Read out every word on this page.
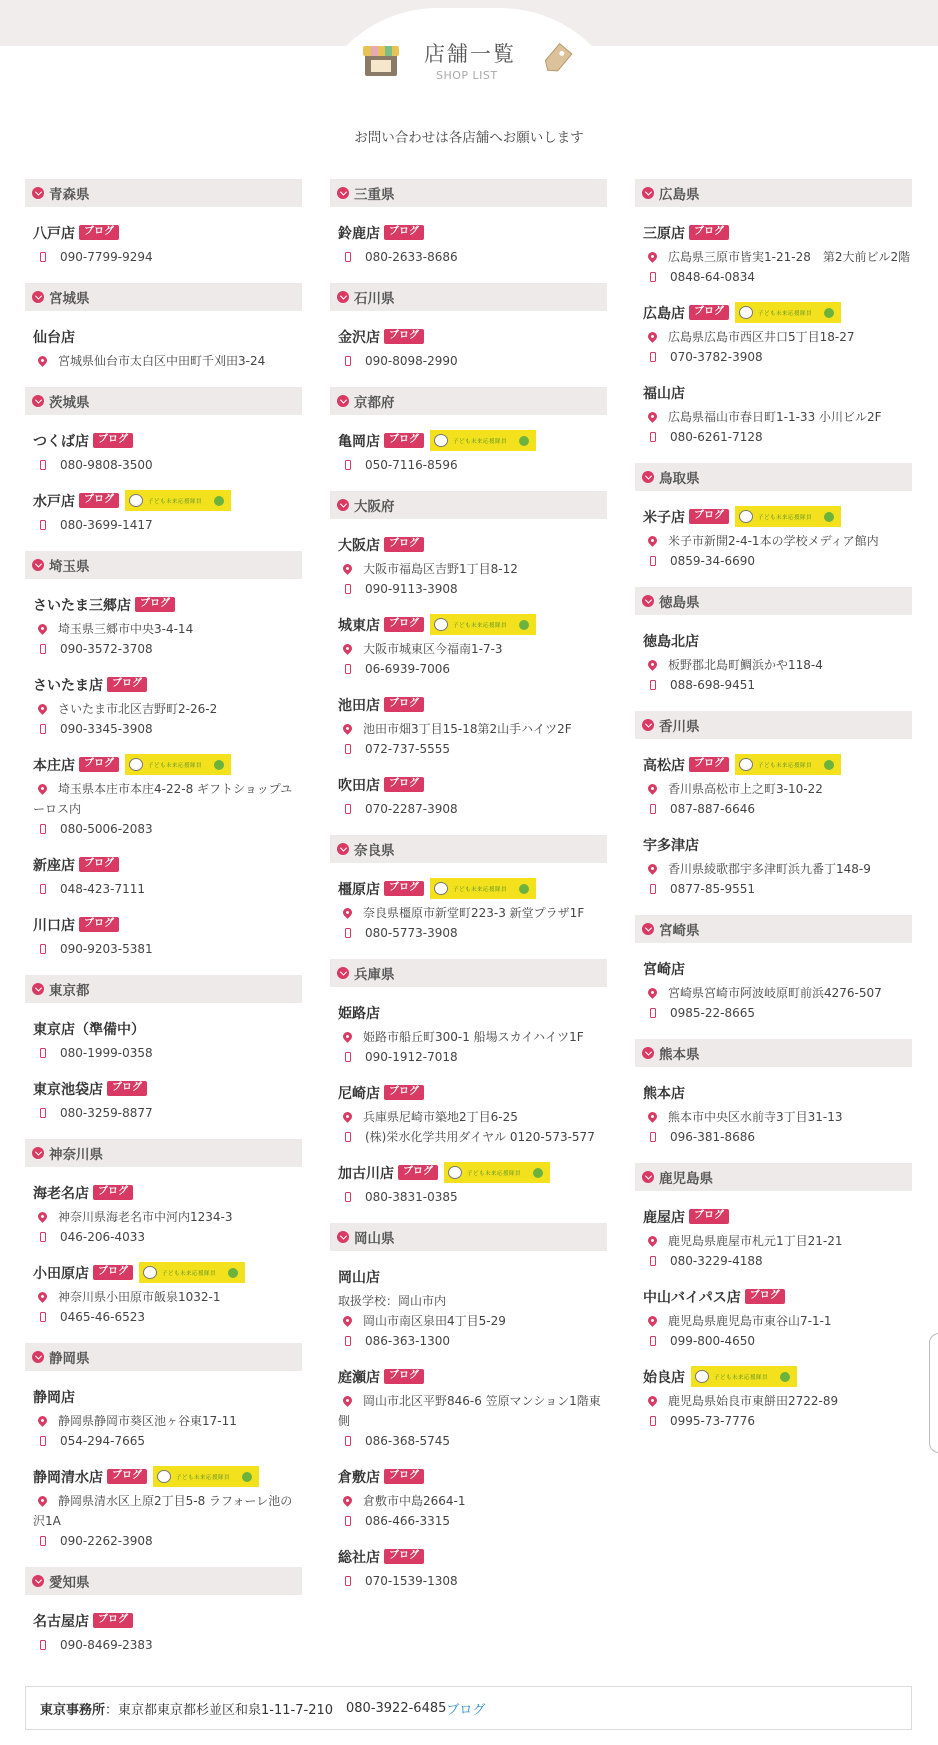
店舗一覧
SHOP LIST
お問い合わせは各店舗へお願いします
青森県
八戸店 ブログ
090-7799-9294
宮城県
仙台店
宮城県仙台市太白区中田町千刈田3-24
茨城県
つくば店 ブログ
080-9808-3500
水戸店 ブログ	子ども未来応援隊員
080-3699-1417
埼玉県
さいたま三郷店 ブログ
埼玉県三郷市中央3-4-14
090-3572-3708
さいたま店 ブログ
さいたま市北区吉野町2-26-2
090-3345-3908
本庄店 ブログ	子ども未来応援隊員
埼玉県本庄市本庄4-22-8 ギフトショップユーロス内
080-5006-2083
新座店 ブログ
048-423-7111
川口店 ブログ
090-9203-5381
東京都
東京店（準備中）
080-1999-0358
東京池袋店 ブログ
080-3259-8877
神奈川県
海老名店 ブログ
神奈川県海老名市中河内1234-3
046-206-4033
小田原店 ブログ	子ども未来応援隊員
神奈川県小田原市飯泉1032-1
0465-46-6523
静岡県
静岡店
静岡県静岡市葵区池ヶ谷東17-11
054-294-7665
静岡清水店 ブログ	子ども未来応援隊員
静岡県清水区上原2丁目5-8 ラフォーレ池の沢1A
090-2262-3908
愛知県
名古屋店 ブログ
090-8469-2383
三重県
鈴鹿店 ブログ
080-2633-8686
石川県
金沢店 ブログ
090-8098-2990
京都府
亀岡店 ブログ	子ども未来応援隊員
050-7116-8596
大阪府
大阪店 ブログ
大阪市福島区吉野1丁目8-12
090-9113-3908
城東店 ブログ	子ども未来応援隊員
大阪市城東区今福南1-7-3
06-6939-7006
池田店 ブログ
池田市畑3丁目15-18第2山手ハイツ2F
072-737-5555
吹田店 ブログ
070-2287-3908
奈良県
橿原店 ブログ	子ども未来応援隊員
奈良県橿原市新堂町223-3 新堂プラザ1F
080-5773-3908
兵庫県
姫路店
姫路市船丘町300-1 船場スカイハイツ1F
090-1912-7018
尼崎店 ブログ
兵庫県尼崎市築地2丁目6-25
(株)栄水化学共用ダイヤル 0120-573-577
加古川店 ブログ	子ども未来応援隊員
080-3831-0385
岡山県
岡山店
取扱学校：岡山市内
岡山市南区泉田4丁目5-29
086-363-1300
庭瀬店 ブログ
岡山市北区平野846-6 笠原マンション1階東側
086-368-5745
倉敷店 ブログ
倉敷市中島2664-1
086-466-3315
総社店 ブログ
070-1539-1308
広島県
三原店 ブログ
広島県三原市皆実1-21-28　第2大前ビル2階
0848-64-0834
広島店 ブログ	子ども未来応援隊員
広島県広島市西区井口5丁目18-27
070-3782-3908
福山店
広島県福山市春日町1-1-33 小川ビル2F
080-6261-7128
鳥取県
米子店 ブログ	子ども未来応援隊員
米子市新開2-4-1本の学校メディア館内
0859-34-6690
徳島県
徳島北店
板野郡北島町鯛浜かや118-4
088-698-9451
香川県
高松店 ブログ	子ども未来応援隊員
香川県高松市上之町3-10-22
087-887-6646
宇多津店
香川県綾歌郡宇多津町浜九番丁148-9
0877-85-9551
宮崎県
宮崎店
宮崎県宮崎市阿波岐原町前浜4276-507
0985-22-8665
熊本県
熊本店
熊本市中央区水前寺3丁目31-13
096-381-8686
鹿児島県
鹿屋店 ブログ
鹿児島県鹿屋市札元1丁目21-21
080-3229-4188
中山バイパス店 ブログ
鹿児島県鹿児島市東谷山7-1-1
099-800-4650
始良店	子ども未来応援隊員
鹿児島県始良市東餅田2722-89
0995-73-7776
東京事務所 ： 東京都東京都杉並区和泉1-11-7-210 080-3922-6485 ブログ
